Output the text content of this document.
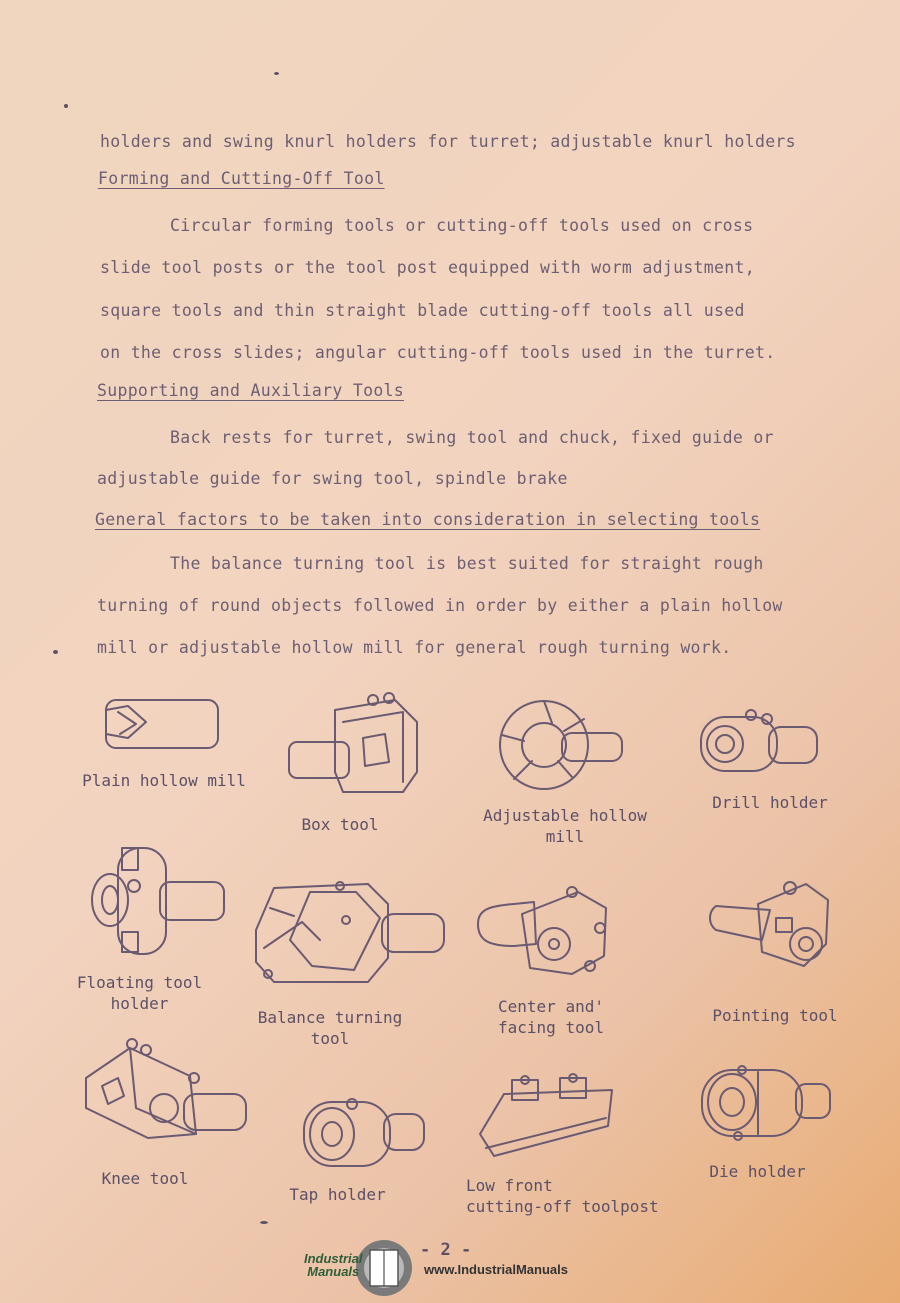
holders and swing knurl holders for turret; adjustable knurl holders
Forming and Cutting-Off Tool
Circular forming tools or cutting-off tools used on cross
slide tool posts or the tool post equipped with worm adjustment,
square tools and thin straight blade cutting-off tools all used
on the cross slides; angular cutting-off tools used in the turret.
Supporting and Auxiliary Tools
Back rests for turret, swing tool and chuck, fixed guide or
adjustable guide for swing tool, spindle brake
General factors to be taken into consideration in selecting tools
The balance turning tool is best suited for straight rough
turning of round objects followed in order by either a plain hollow
mill or adjustable hollow mill for general rough turning work.
Plain hollow mill
Box tool	Adjustable hollow
mill
Drill holder
Floating tool
holder
Balance turning
tool
Center and'
facing tool
Pointing tool
Knee tool
Tap holder	Low front
cutting-off toolpost
Die holder
Industrial
Manuals
- 2 -
www.IndustrialManuals
